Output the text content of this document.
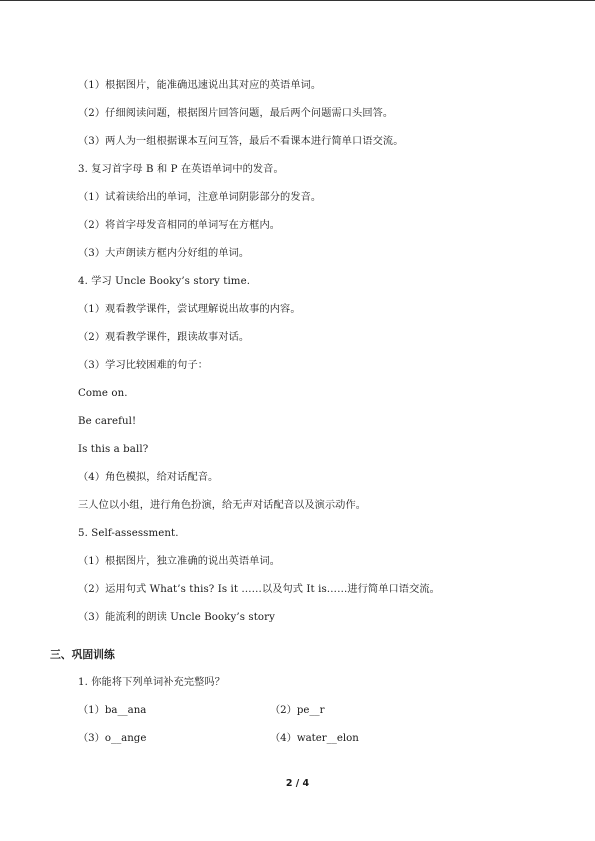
（1）根据图片，能准确迅速说出其对应的英语单词。
（2）仔细阅读问题，根据图片回答问题，最后两个问题需口头回答。
（3）两人为一组根据课本互问互答，最后不看课本进行简单口语交流。
3. 复习首字母 B 和 P 在英语单词中的发音。
（1）试着读给出的单词，注意单词阴影部分的发音。
（2）将首字母发音相同的单词写在方框内。
（3）大声朗读方框内分好组的单词。
4. 学习 Uncle Booky’s story time.
（1）观看教学课件，尝试理解说出故事的内容。
（2）观看教学课件，跟读故事对话。
（3）学习比较困难的句子：
Come on.
Be careful!
Is this a ball?
（4）角色模拟，给对话配音。
三人位以小组，进行角色扮演，给无声对话配音以及演示动作。
5. Self-assessment.
（1）根据图片，独立准确的说出英语单词。
（2）运用句式 What’s this? Is it ……以及句式 It is……进行简单口语交流。
（3）能流利的朗读 Uncle Booky’s story
三、巩固训练
1. 你能将下列单词补充完整吗？
（1）ba__ana	（2）pe__r
（3）o__ange	（4）water__elon
2 / 4
